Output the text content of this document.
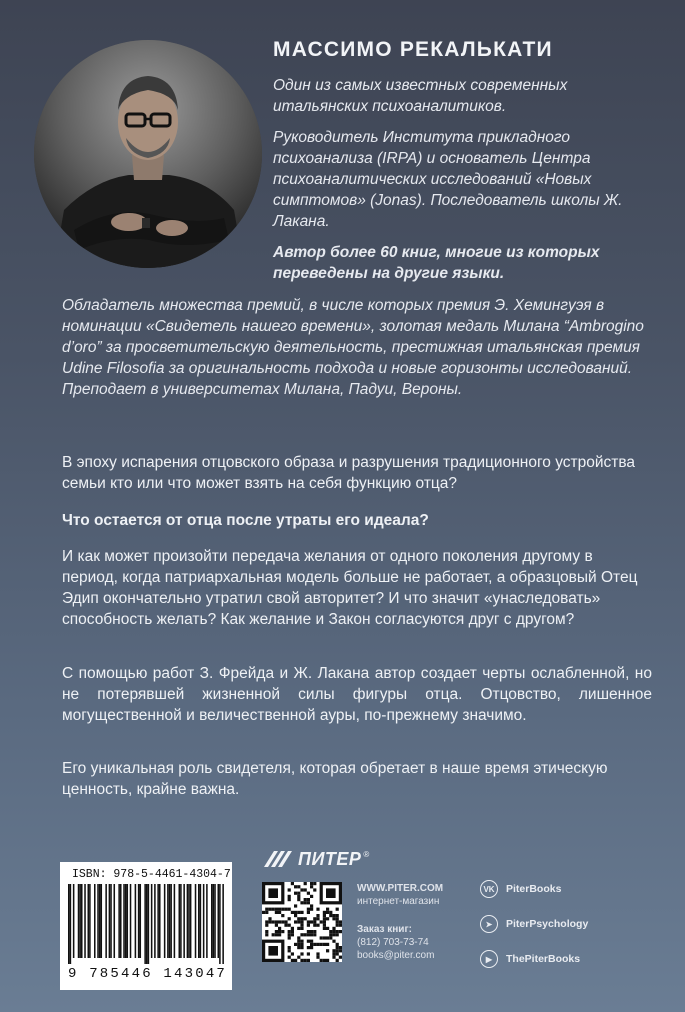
МАССИМО РЕКАЛЬКАТИ

Один из самых известных современных итальянских психоаналитиков.

Руководитель Института прикладного психоанализа (IRPA) и основатель Центра психоаналитических исследований «Новых симптомов» (Jonas). Последователь школы Ж. Лакана.

Автор более 60 книг, многие из которых переведены на другие языки.

Обладатель множества премий, в числе которых премия Э. Хемингуэя в номинации «Свидетель нашего времени», золотая медаль Милана “Ambrogino d’oro” за просветительскую деятельность, престижная итальянская премия Udine Filosofia за оригинальность подхода и новые горизонты исследований. Преподает в университетах Милана, Падуи, Вероны.

В эпоху испарения отцовского образа и разрушения традиционного устройства семьи кто или что может взять на себя функцию отца?

Что остается от отца после утраты его идеала?

И как может произойти передача желания от одного поколения другому в период, когда патриархальная модель больше не работает, а образцовый Отец Эдип окончательно утратил свой авторитет? И что значит «унаследовать» способность желать? Как желание и Закон согласуются друг с другом?

С помощью работ З. Фрейда и Ж. Лакана автор создает черты ослабленной, но не потерявшей жизненной силы фигуры отца. Отцовство, лишенное могущественной и величественной ауры, по-прежнему значимо.

Его уникальная роль свидетеля, которая обретает в наше время этическую ценность, крайне важна.

ПИТЕР ®
ISBN: 978-5-4461-4304-7
9 785446 143047
WWW.PITER.COM
интернет-магазин
Заказ книг:
(812) 703-73-74
books@piter.com
VK	PiterBooks
➤	PiterPsychology
▶	ThePiterBooks
